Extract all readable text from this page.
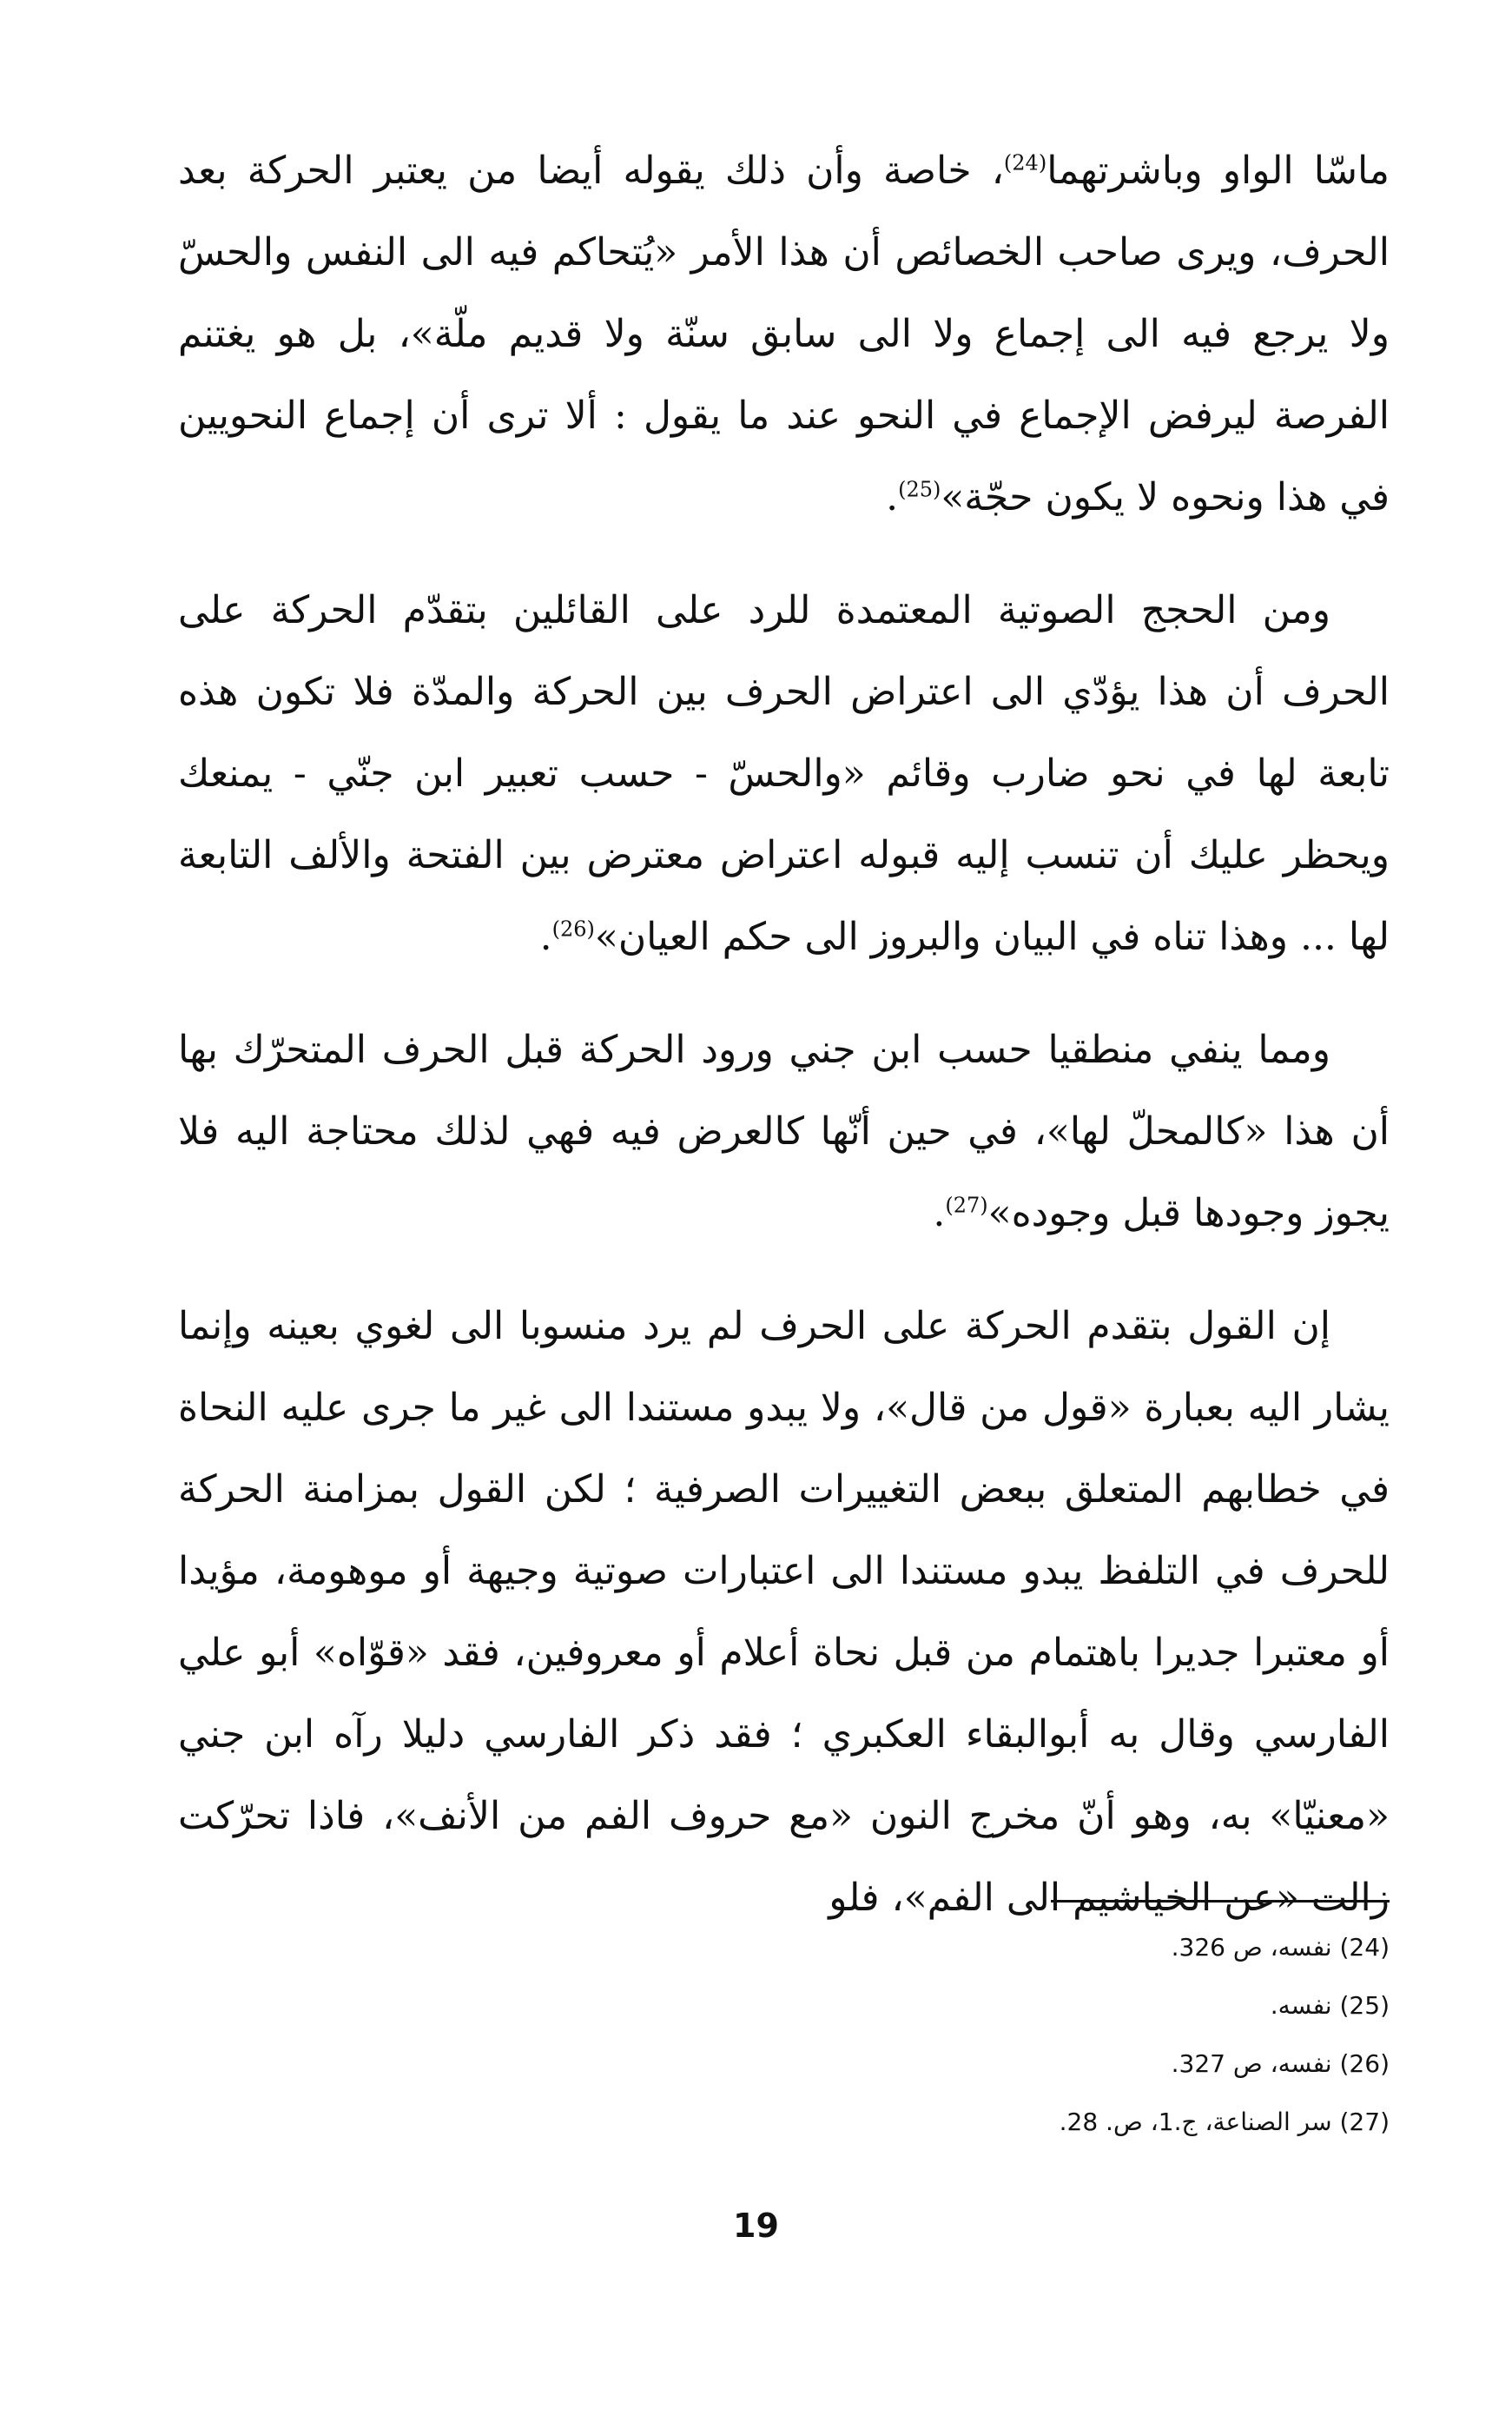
ماسّا الواو وباشرتهما$^{(24)}$، خاصة وأن ذلك يقوله أيضا من يعتبر الحركة بعد الحرف، ويرى صاحب الخصائص أن هذا الأمر «يُتحاكم فيه الى النفس والحسّ ولا يرجع فيه الى إجماع ولا الى سابق سنّة ولا قديم ملّة»، بل هو يغتنم الفرصة ليرفض الإجماع في النحو عند ما يقول : ألا ترى أن إجماع النحويين في هذا ونحوه لا يكون حجّة»$^{(25)}$.

ومن الحجج الصوتية المعتمدة للرد على القائلين بتقدّم الحركة على الحرف أن هذا يؤدّي الى اعتراض الحرف بين الحركة والمدّة فلا تكون هذه تابعة لها في نحو ضارب وقائم «والحسّ - حسب تعبير ابن جنّي - يمنعك ويحظر عليك أن تنسب إليه قبوله اعتراض معترض بين الفتحة والألف التابعة لها ... وهذا تناه في البيان والبروز الى حكم العيان»$^{(26)}$.

ومما ينفي منطقيا حسب ابن جني ورود الحركة قبل الحرف المتحرّك بها أن هذا «كالمحلّ لها»، في حين أنّها كالعرض فيه فهي لذلك محتاجة اليه فلا يجوز وجودها قبل وجوده»$^{(27)}$.

إن القول بتقدم الحركة على الحرف لم يرد منسوبا الى لغوي بعينه وإنما يشار اليه بعبارة «قول من قال»، ولا يبدو مستندا الى غير ما جرى عليه النحاة في خطابهم المتعلق ببعض التغييرات الصرفية ؛ لكن القول بمزامنة الحركة للحرف في التلفظ يبدو مستندا الى اعتبارات صوتية وجيهة أو موهومة، مؤيدا أو معتبرا جديرا باهتمام من قبل نحاة أعلام أو معروفين، فقد «قوّاه» أبو علي الفارسي وقال به أبوالبقاء العكبري ؛ فقد ذكر الفارسي دليلا رآه ابن جني «معنيّا» به، وهو أنّ مخرج النون «مع حروف الفم من الأنف»، فاذا تحرّكت زالت «عن الخياشيم الى الفم»، فلو

(24) نفسه، ص 326.

(25) نفسه.

(26) نفسه، ص 327.

(27) سر الصناعة، ج.1، ص. 28.

19
